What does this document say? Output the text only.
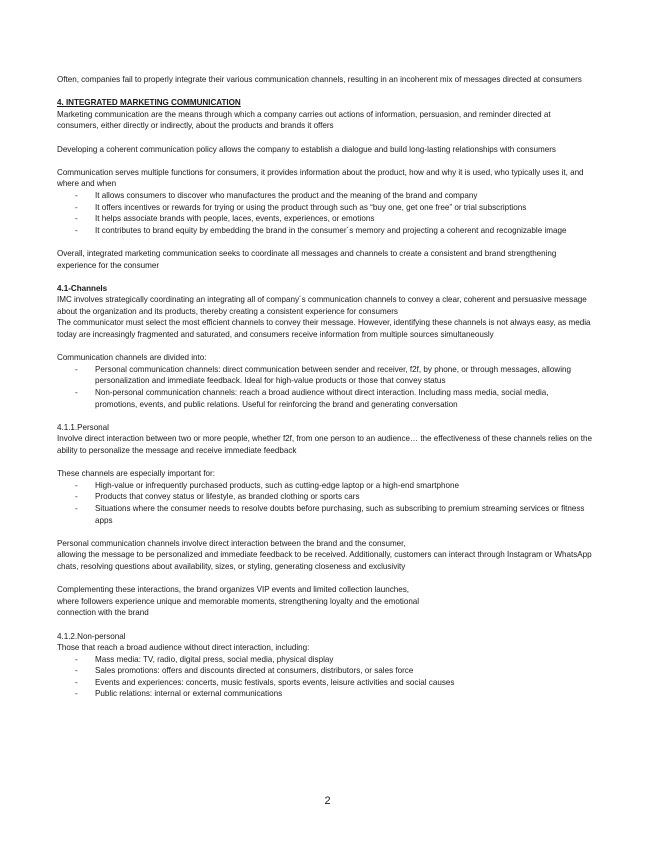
Often, companies fail to properly integrate their various communication channels, resulting in an incoherent mix of messages directed at consumers

4. INTEGRATED MARKETING COMMUNICATION

Marketing communication are the means through which a company carries out actions of information, persuasion, and reminder directed at consumers, either directly or indirectly, about the products and brands it offers

Developing a coherent communication policy allows the company to establish a dialogue and build long-lasting relationships with consumers

Communication serves multiple functions for consumers, it provides information about the product, how and why it is used, who typically uses it, and where and when

- It allows consumers to discover who manufactures the product and the meaning of the brand and company
- It offers incentives or rewards for trying or using the product through such as “buy one, get one free” or trial subscriptions
- It helps associate brands with people, laces, events, experiences, or emotions
- It contributes to brand equity by embedding the brand in the consumer´s memory and projecting a coherent and recognizable image

Overall, integrated marketing communication seeks to coordinate all messages and channels to create a consistent and brand strengthening experience for the consumer

4.1-Channels

IMC involves strategically coordinating an integrating all of company´s communication channels to convey a clear, coherent and persuasive message about the organization and its products, thereby creating a consistent experience for consumers

The communicator must select the most efficient channels to convey their message. However, identifying these channels is not always easy, as media today are increasingly fragmented and saturated, and consumers receive information from multiple sources simultaneously

Communication channels are divided into:

- Personal communication channels: direct communication between sender and receiver, f2f, by phone, or through messages, allowing personalization and immediate feedback. Ideal for high-value products or those that convey status
- Non-personal communication channels: reach a broad audience without direct interaction. Including mass media, social media, promotions, events, and public relations. Useful for reinforcing the brand and generating conversation

4.1.1.Personal

Involve direct interaction between two or more people, whether f2f, from one person to an audience… the effectiveness of these channels relies on the ability to personalize the message and receive immediate feedback

These channels are especially important for:

- High-value or infrequently purchased products, such as cutting-edge laptop or a high-end smartphone
- Products that convey status or lifestyle, as branded clothing or sports cars
- Situations where the consumer needs to resolve doubts before purchasing, such as subscribing to premium streaming services or fitness apps

Personal communication channels involve direct interaction between the brand and the consumer,

allowing the message to be personalized and immediate feedback to be received. Additionally, customers can interact through Instagram or WhatsApp chats, resolving questions about availability, sizes, or styling, generating closeness and exclusivity

Complementing these interactions, the brand organizes VIP events and limited collection launches,

where followers experience unique and memorable moments, strengthening loyalty and the emotional

connection with the brand

4.1.2.Non-personal

Those that reach a broad audience without direct interaction, including:

- Mass media: TV, radio, digital press, social media, physical display
- Sales promotions: offers and discounts directed at consumers, distributors, or sales force
- Events and experiences: concerts, music festivals, sports events, leisure activities and social causes
- Public relations: internal or external communications
2
